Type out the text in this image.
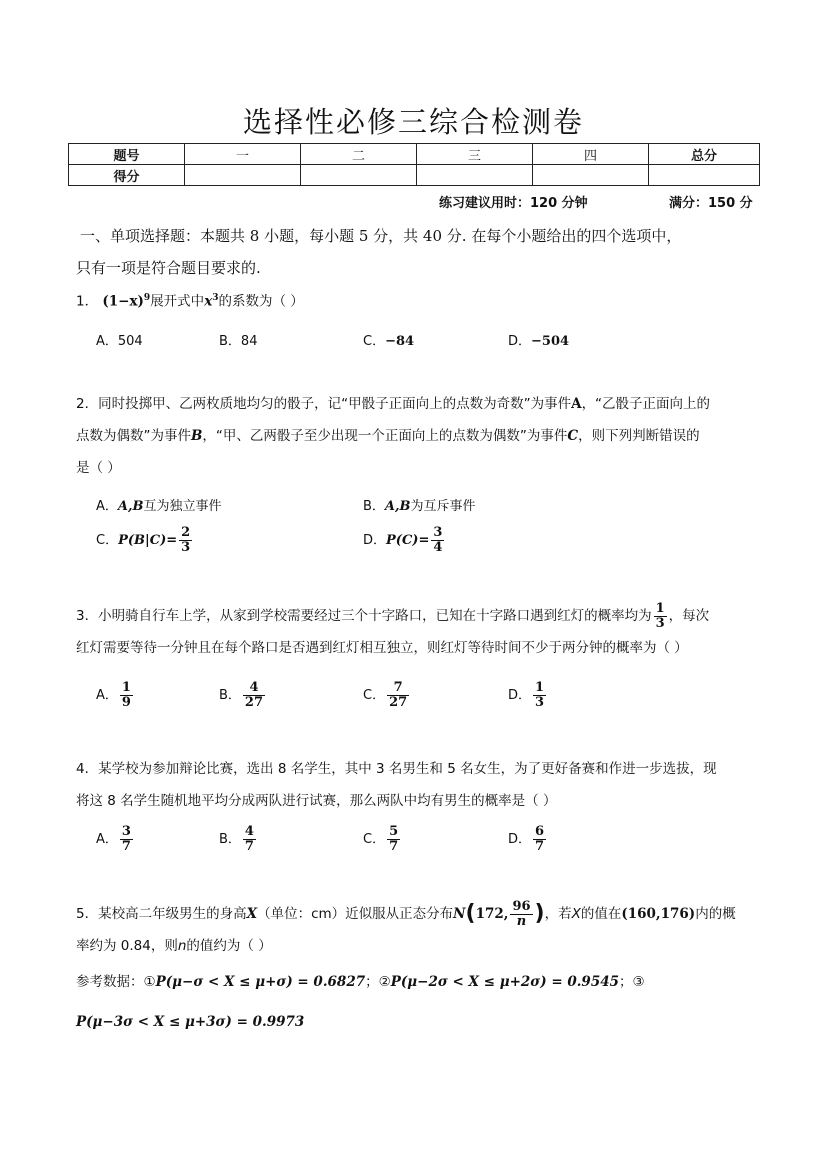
选择性必修三综合检测卷
题号	一	二	三	四	总分
得分					
练习建议用时：120 分钟	满分：150 分
一、单项选择题：本题共 8 小题，每小题 5 分，共 40 分. 在每个小题给出的四个选项中，
只有一项是符合题目要求的.
1． $(1-x)^9$展开式中$x^3$的系数为（ ）
A．504	B．84	C．−84	D．−504
2．同时投掷甲、乙两枚质地均匀的骰子，记“甲骰子正面向上的点数为奇数”为事件A，“乙骰子正面向上的
点数为偶数”为事件B，“甲、乙两骰子至少出现一个正面向上的点数为偶数”为事件C，则下列判断错误的
是（ ）
A．A,B互为独立事件	B．A,B为互斥事件
C．$P(B|C)= \frac{2}{3}$	D．$P(C)= \frac{3}{4}$
3．小明骑自行车上学，从家到学校需要经过三个十字路口，已知在十字路口遇到红灯的概率均为 $\frac{1}{3}$ ，每次
红灯需要等待一分钟且在每个路口是否遇到红灯相互独立，则红灯等待时间不少于两分钟的概率为（ ）
A． $\frac{1}{9}$	B． $\frac{4}{27}$	C． $\frac{7}{27}$	D． $\frac{1}{3}$
4．某学校为参加辩论比赛，选出 8 名学生，其中 3 名男生和 5 名女生，为了更好备赛和作进一步选拔，现
将这 8 名学生随机地平均分成两队进行试赛，那么两队中均有男生的概率是（ ）
A． $\frac{3}{7}$	B． $\frac{4}{7}$	C． $\frac{5}{7}$	D． $\frac{6}{7}$
5．某校高二年级男生的身高X（单位：cm）近似服从正态分布N(172, $\frac{96}{n}$ )，若X的值在(160,176)内的概
率约为 0.84，则n的值约为（ ）
参考数据：①P(μ−σ < X ≤ μ+σ) = 0.6827；②P(μ−2σ < X ≤ μ+2σ) = 0.9545；③
P(μ−3σ < X ≤ μ+3σ) = 0.9973
